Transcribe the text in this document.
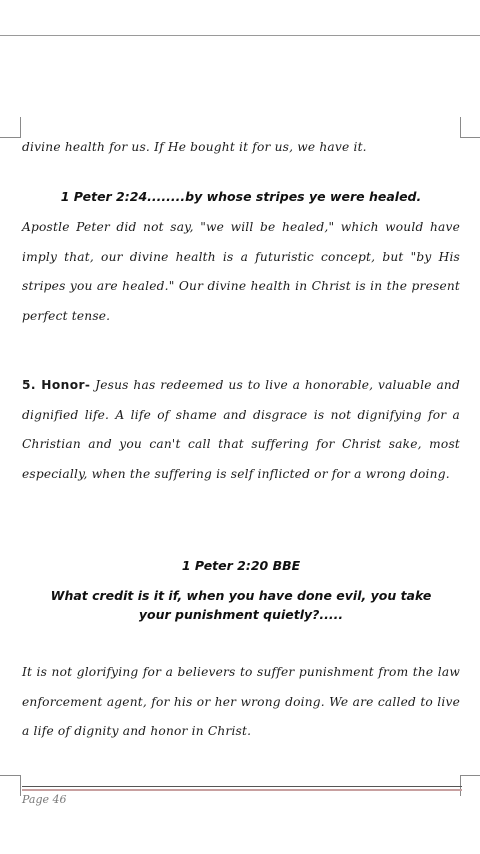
divine health for us. If He bought it for us, we have it.

1 Peter 2:24........by whose stripes ye were healed.

Apostle Peter did not say, "we will be healed," which would have imply that, our divine health is a futuristic concept, but "by His stripes you are healed." Our divine health in Christ is in the present perfect tense.

5. Honor- Jesus has redeemed us to live a honorable, valuable and dignified life. A life of shame and disgrace is not dignifying for a Christian and you can't call that suffering for Christ sake, most especially, when the suffering is self inflicted or for a wrong doing.

1 Peter 2:20 BBE

What credit is it if, when you have done evil, you take your punishment quietly?.....

It is not glorifying for a believers to suffer punishment from the law enforcement agent, for his or her wrong doing. We are called to live a life of dignity and honor in Christ.

Page 46
